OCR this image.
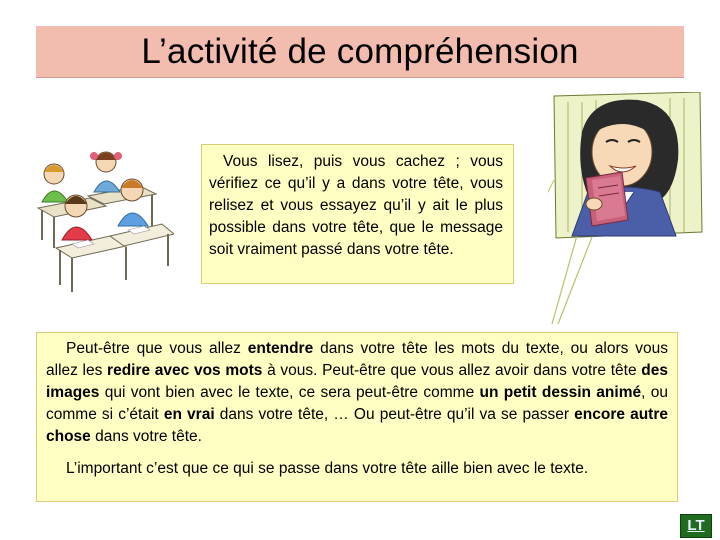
L’activité de compréhension

Vous lisez, puis vous cachez ; vous vérifiez ce qu’il y a dans votre tête, vous relisez et vous essayez qu’il y ait le plus possible dans votre tête, que le message soit vraiment passé dans votre tête.

Peut-être que vous allez entendre dans votre tête les mots du texte, ou alors vous allez les redire avec vos mots à vous. Peut-être que vous allez avoir dans votre tête des images qui vont bien avec le texte, ce sera peut-être comme un petit dessin animé, ou comme si c’était en vrai dans votre tête, … Ou peut-être qu’il va se passer encore autre chose dans votre tête.

L’important c’est que ce qui se passe dans votre tête aille bien avec le texte.

LT
